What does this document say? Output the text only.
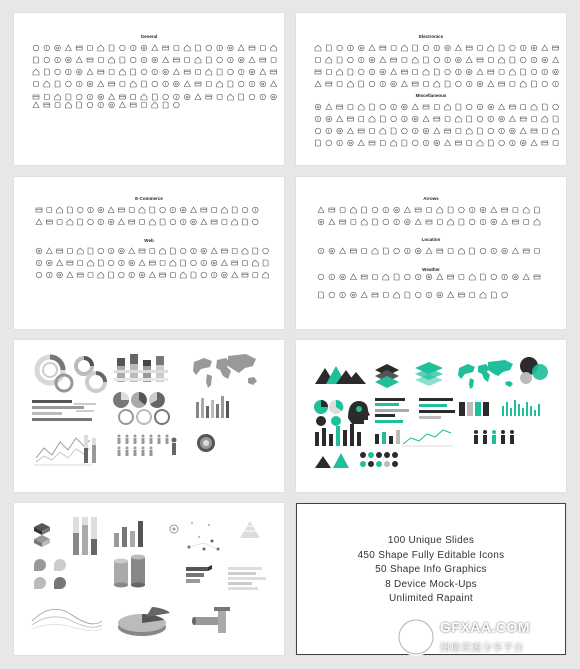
General	Electronics
Miscellaneous
E-Commerce
Web
Arrows
Location
Weather
100 Unique Slides
450 Shape Fully Editable Icons
50 Shape Info Graphics
8 Device Mock-Ups
Unlimited Rapaint
GFXAA.COM
图像资源分享平台
